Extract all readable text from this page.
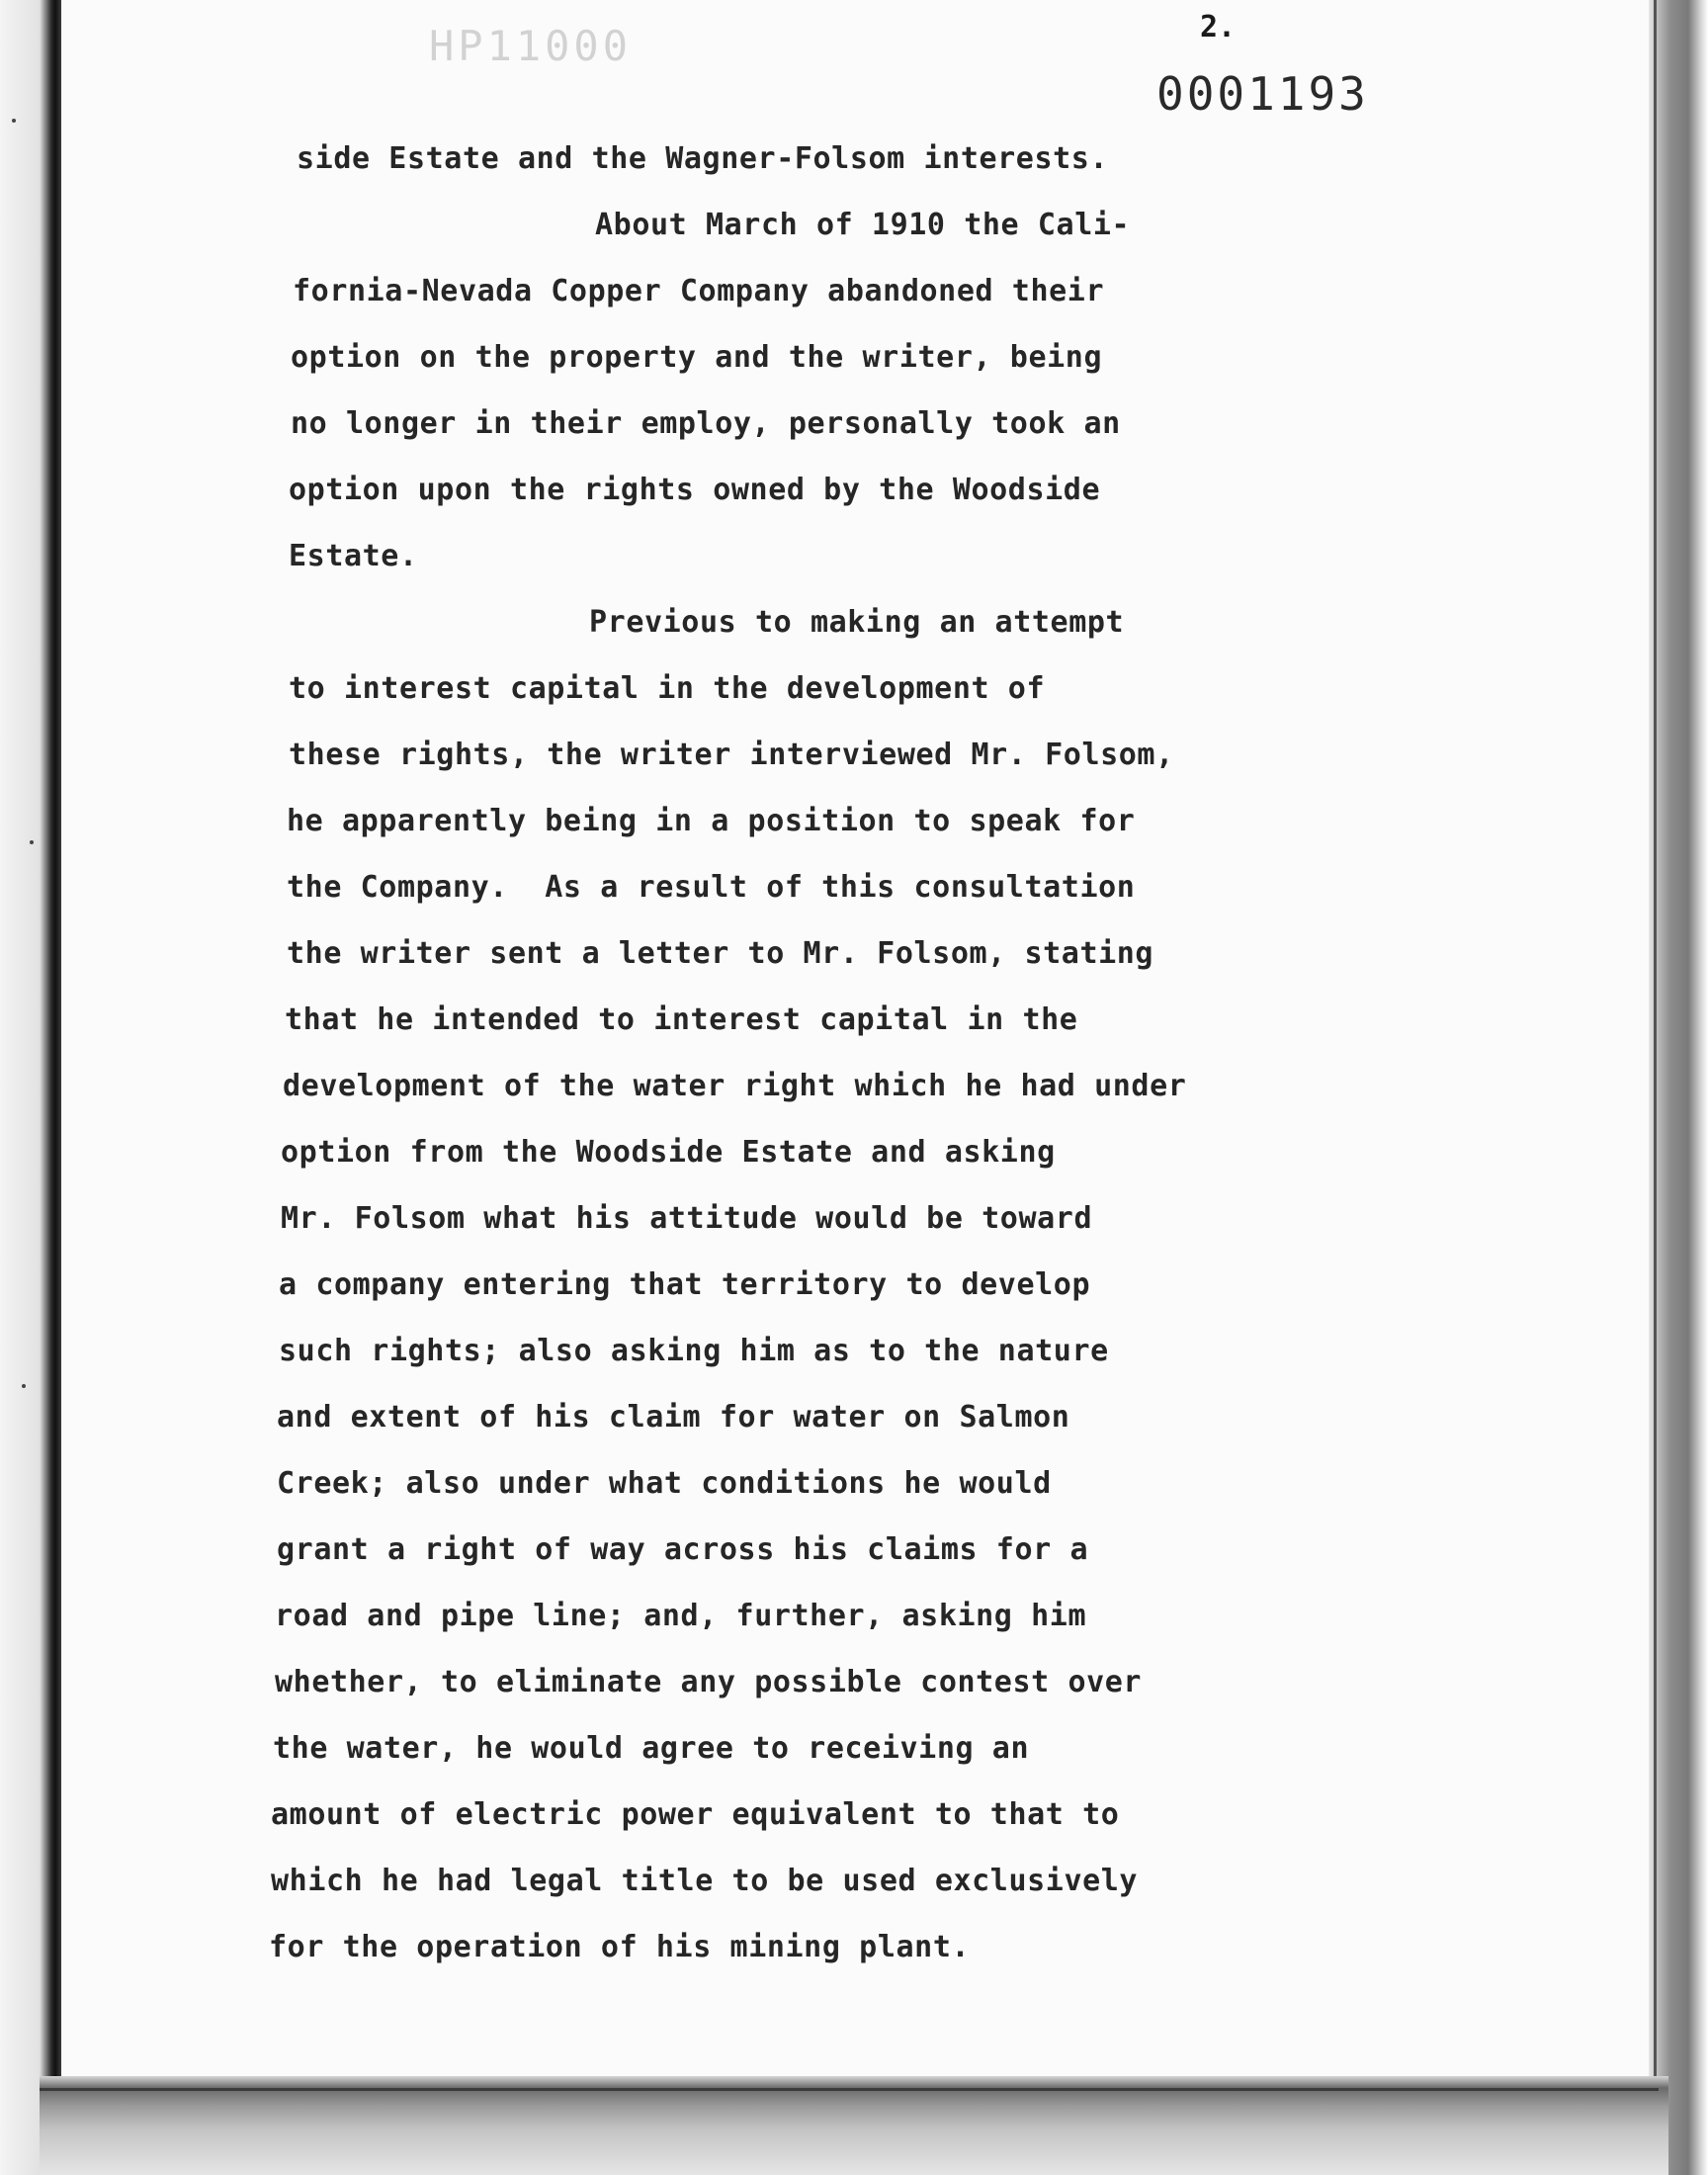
HP11000	2.
0001193
side Estate and the Wagner-Folsom interests.
About March of 1910 the Cali-
fornia-Nevada Copper Company abandoned their
option on the property and the writer, being
no longer in their employ, personally took an
option upon the rights owned by the Woodside
Estate.
Previous to making an attempt
to interest capital in the development of
these rights, the writer interviewed Mr. Folsom,
he apparently being in a position to speak for
the Company.  As a result of this consultation
the writer sent a letter to Mr. Folsom, stating
that he intended to interest capital in the
development of the water right which he had under
option from the Woodside Estate and asking
Mr. Folsom what his attitude would be toward
a company entering that territory to develop
such rights; also asking him as to the nature
and extent of his claim for water on Salmon
Creek; also under what conditions he would
grant a right of way across his claims for a
road and pipe line; and, further, asking him
whether, to eliminate any possible contest over
the water, he would agree to receiving an
amount of electric power equivalent to that to
which he had legal title to be used exclusively
for the operation of his mining plant.
